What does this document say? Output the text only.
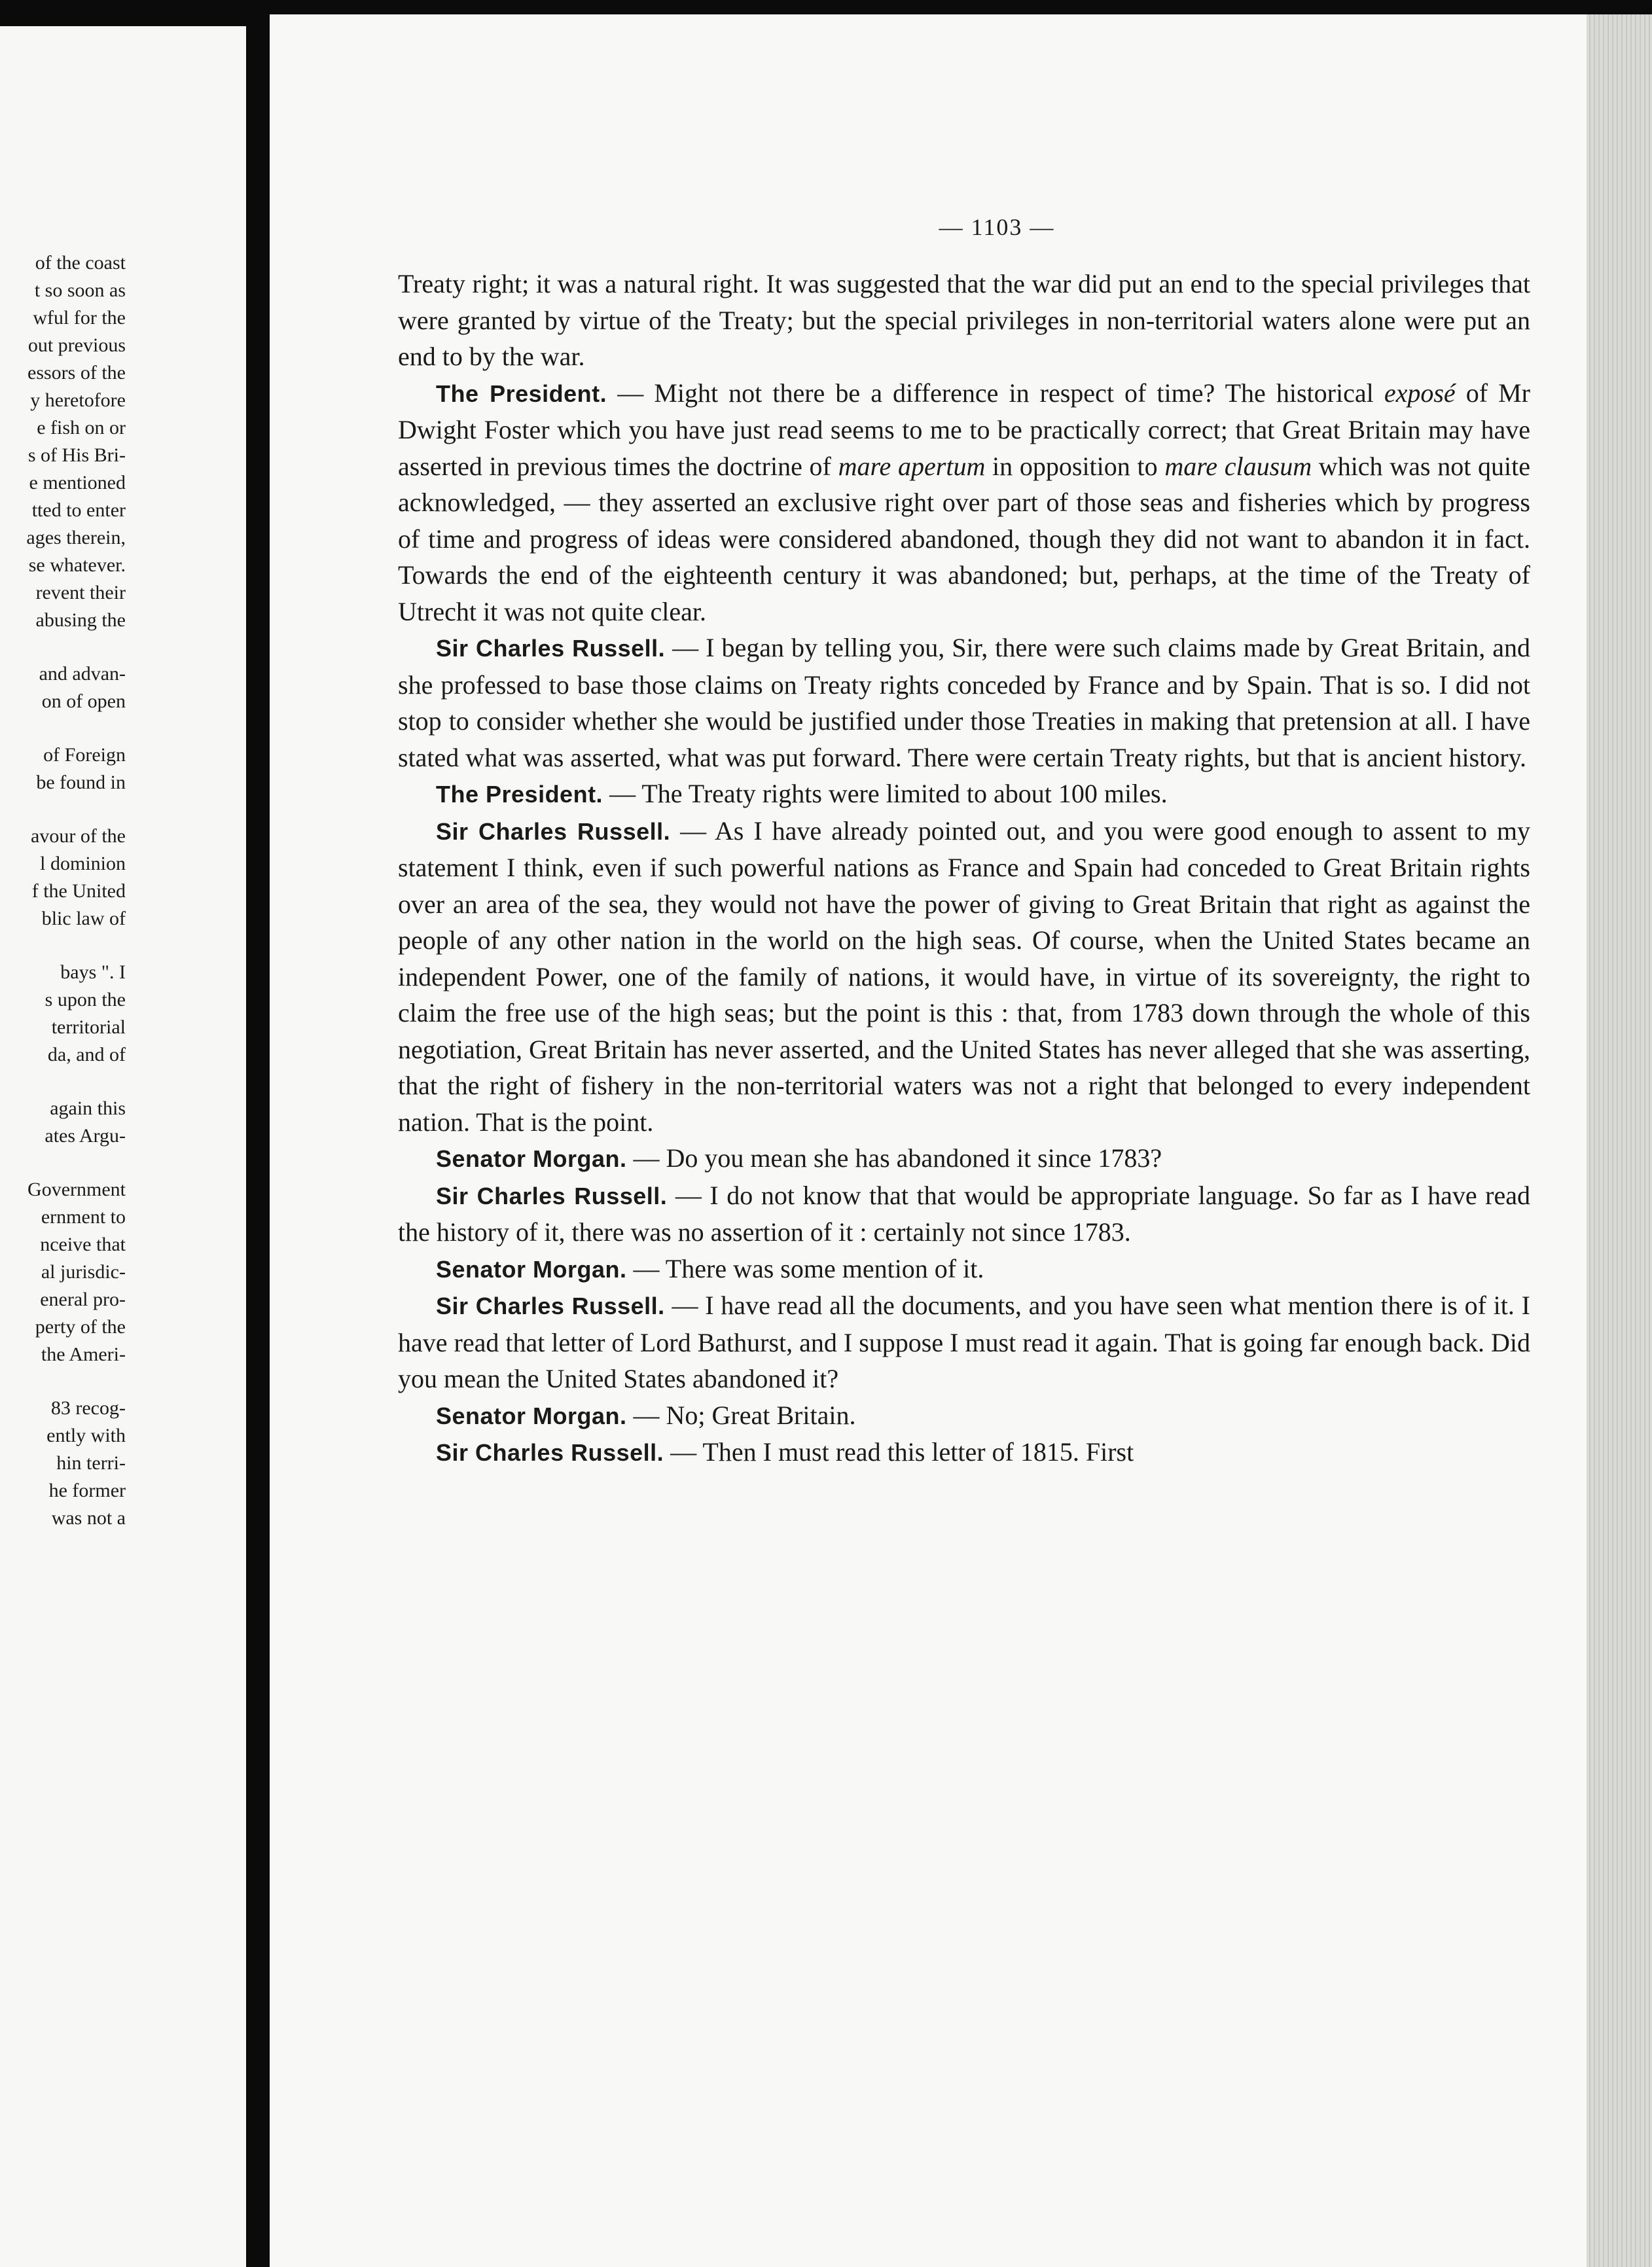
of the coast
t so soon as
wful for the
out previous
essors of the
y heretofore
e fish on or
s of His Bri-
e mentioned
tted to enter
ages therein,
se whatever.
revent their
abusing the
and advan-
on of open
of Foreign
be found in
avour of the
l dominion
f the United
blic law of
bays ". I
s upon the
territorial
da, and of
again this
ates Argu-
Government
ernment to
nceive that
al jurisdic-
eneral pro-
perty of the
the Ameri-
83 recog-
ently with
hin terri-
he former
was not a
— 1103 —

Treaty right; it was a natural right. It was suggested that the war did put an end to the special privileges that were granted by virtue of the Treaty; but the special privileges in non-territorial waters alone were put an end to by the war.

The President. — Might not there be a difference in respect of time? The historical exposé of Mr Dwight Foster which you have just read seems to me to be practically correct; that Great Britain may have asserted in previous times the doctrine of mare apertum in opposition to mare clausum which was not quite acknowledged, — they asserted an exclusive right over part of those seas and fisheries which by progress of time and progress of ideas were considered abandoned, though they did not want to abandon it in fact. Towards the end of the eighteenth century it was abandoned; but, perhaps, at the time of the Treaty of Utrecht it was not quite clear.

Sir Charles Russell. — I began by telling you, Sir, there were such claims made by Great Britain, and she professed to base those claims on Treaty rights conceded by France and by Spain. That is so. I did not stop to consider whether she would be justified under those Treaties in making that pretension at all. I have stated what was asserted, what was put forward. There were certain Treaty rights, but that is ancient history.

The President. — The Treaty rights were limited to about 100 miles.

Sir Charles Russell. — As I have already pointed out, and you were good enough to assent to my statement I think, even if such powerful nations as France and Spain had conceded to Great Britain rights over an area of the sea, they would not have the power of giving to Great Britain that right as against the people of any other nation in the world on the high seas. Of course, when the United States became an independent Power, one of the family of nations, it would have, in virtue of its sovereignty, the right to claim the free use of the high seas; but the point is this : that, from 1783 down through the whole of this negotiation, Great Britain has never asserted, and the United States has never alleged that she was asserting, that the right of fishery in the non-territorial waters was not a right that belonged to every independent nation. That is the point.

Senator Morgan. — Do you mean she has abandoned it since 1783?

Sir Charles Russell. — I do not know that that would be appropriate language. So far as I have read the history of it, there was no assertion of it : certainly not since 1783.

Senator Morgan. — There was some mention of it.

Sir Charles Russell. — I have read all the documents, and you have seen what mention there is of it. I have read that letter of Lord Bathurst, and I suppose I must read it again. That is going far enough back. Did you mean the United States abandoned it?

Senator Morgan. — No; Great Britain.

Sir Charles Russell. — Then I must read this letter of 1815. First
